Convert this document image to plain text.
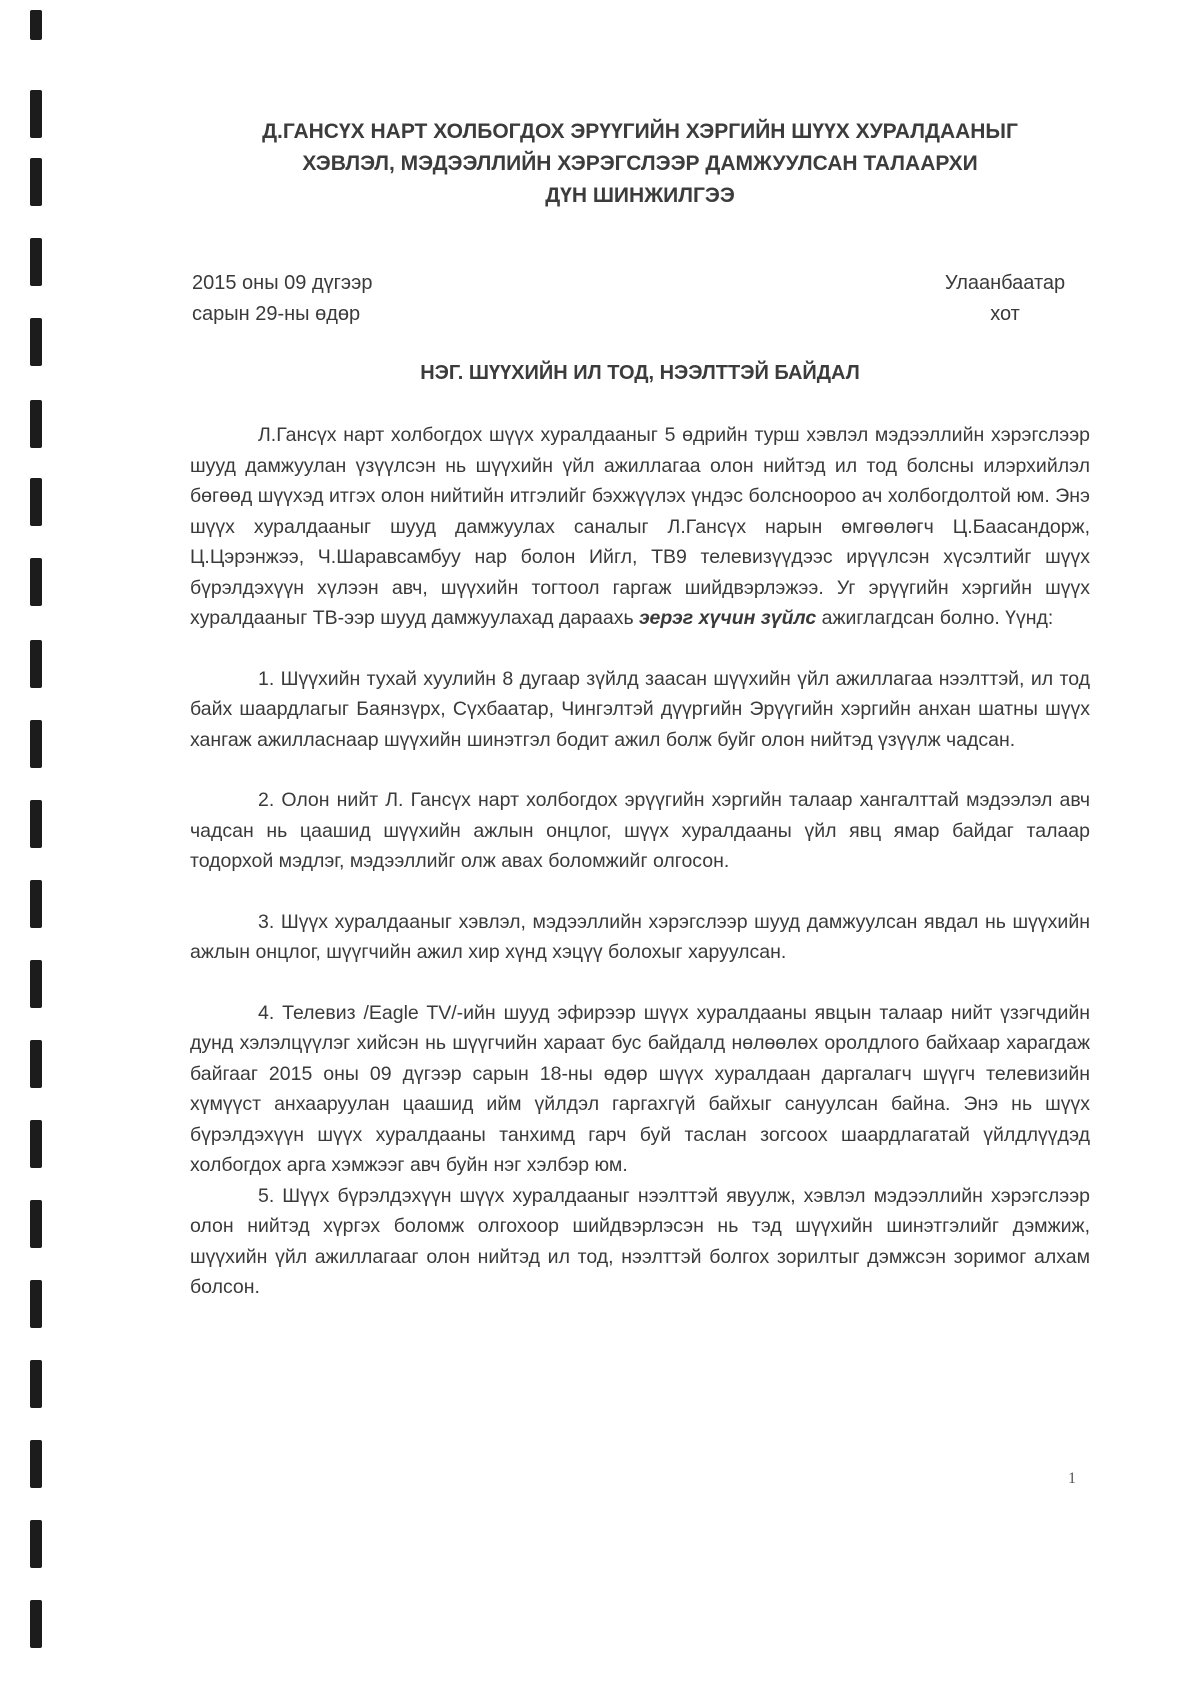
Д.ГАНСҮХ НАРТ ХОЛБОГДОХ ЭРҮҮГИЙН ХЭРГИЙН ШҮҮХ ХУРАЛДААНЫГ
ХЭВЛЭЛ, МЭДЭЭЛЛИЙН ХЭРЭГСЛЭЭР ДАМЖУУЛСАН ТАЛААРХИ
ДҮН ШИНЖИЛГЭЭ
2015 оны 09 дүгээр
сарын 29-ны өдөр
Улаанбаатар
хот
НЭГ. ШҮҮХИЙН ИЛ ТОД, НЭЭЛТТЭЙ БАЙДАЛ

Л.Гансүх нарт холбогдох шүүх хуралдааныг 5 өдрийн турш хэвлэл мэдээллийн хэрэгслээр шууд дамжуулан үзүүлсэн нь шүүхийн үйл ажиллагаа олон нийтэд ил тод болсны илэрхийлэл бөгөөд шүүхэд итгэх олон нийтийн итгэлийг бэхжүүлэх үндэс болсноороо ач холбогдолтой юм. Энэ шүүх хуралдааныг шууд дамжуулах саналыг Л.Гансүх нарын өмгөөлөгч Ц.Баасандорж, Ц.Цэрэнжээ, Ч.Шаравсамбуу нар болон Ийгл, ТВ9 телевизүүдээс ирүүлсэн хүсэлтийг шүүх бүрэлдэхүүн хүлээн авч, шүүхийн тогтоол гаргаж шийдвэрлэжээ. Уг эрүүгийн хэргийн шүүх хуралдааныг ТВ-ээр шууд дамжуулахад дараахь эерэг хүчин зүйлс ажиглагдсан болно. Үүнд:

1. Шүүхийн тухай хуулийн 8 дугаар зүйлд заасан шүүхийн үйл ажиллагаа нээлттэй, ил тод байх шаардлагыг Баянзүрх, Сүхбаатар, Чингэлтэй дүүргийн Эрүүгийн хэргийн анхан шатны шүүх хангаж ажилласнаар шүүхийн шинэтгэл бодит ажил болж буйг олон нийтэд үзүүлж чадсан.

2. Олон нийт Л. Гансүх нарт холбогдох эрүүгийн хэргийн талаар хангалттай мэдээлэл авч чадсан нь цаашид шүүхийн ажлын онцлог, шүүх хуралдааны үйл явц ямар байдаг талаар тодорхой мэдлэг, мэдээллийг олж авах боломжийг олгосон.

3. Шүүх хуралдааныг хэвлэл, мэдээллийн хэрэгслээр шууд дамжуулсан явдал нь шүүхийн ажлын онцлог, шүүгчийн ажил хир хүнд хэцүү болохыг харуулсан.

4. Телевиз /Eagle TV/-ийн шууд эфирээр шүүх хуралдааны явцын талаар нийт үзэгчдийн дунд хэлэлцүүлэг хийсэн нь шүүгчийн хараат бус байдалд нөлөөлөх оролдлого байхаар харагдаж байгааг 2015 оны 09 дүгээр сарын 18-ны өдөр шүүх хуралдаан даргалагч шүүгч телевизийн хүмүүст анхааруулан цаашид ийм үйлдэл гаргахгүй байхыг сануулсан байна. Энэ нь шүүх бүрэлдэхүүн шүүх хуралдааны танхимд гарч буй таслан зогсоох шаардлагатай үйлдлүүдэд холбогдох арга хэмжээг авч буйн нэг хэлбэр юм.

5. Шүүх бүрэлдэхүүн шүүх хуралдааныг нээлттэй явуулж, хэвлэл мэдээллийн хэрэгслээр олон нийтэд хүргэх боломж олгохоор шийдвэрлэсэн нь тэд шүүхийн шинэтгэлийг дэмжиж, шүүхийн үйл ажиллагааг олон нийтэд ил тод, нээлттэй болгох зорилтыг дэмжсэн зоримог алхам болсон.

1
